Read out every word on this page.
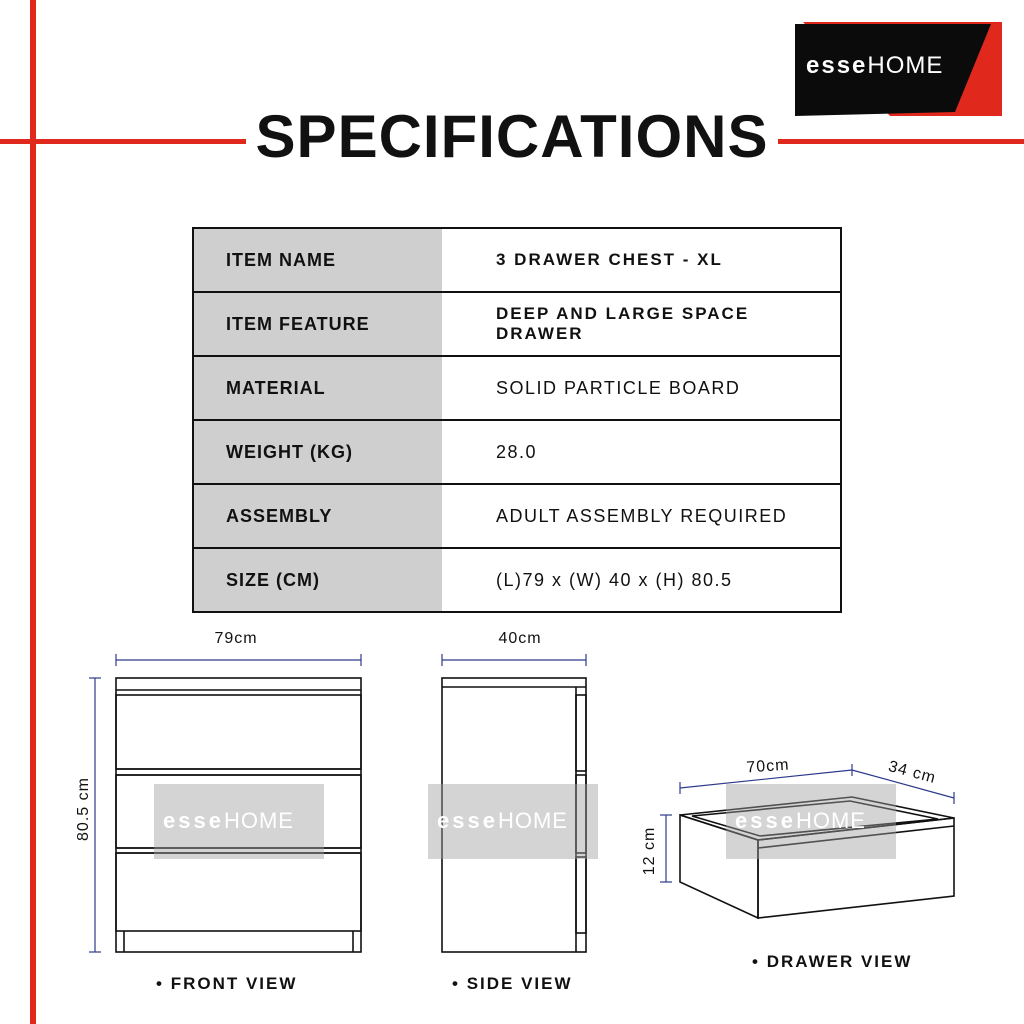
esseHOME
SPECIFICATIONS
ITEM NAME	3 DRAWER CHEST - XL
ITEM FEATURE	DEEP AND LARGE SPACE DRAWER
MATERIAL	SOLID PARTICLE BOARD
WEIGHT (KG)	28.0
ASSEMBLY	ADULT ASSEMBLY REQUIRED
SIZE (CM)	(L)79 x (W) 40 x (H) 80.5
79cm
80.5 cm	esseHOME
• FRONT VIEW
40cm
esseHOME
• SIDE VIEW
70cm	34 cm
12 cm
esseHOME
• DRAWER VIEW
